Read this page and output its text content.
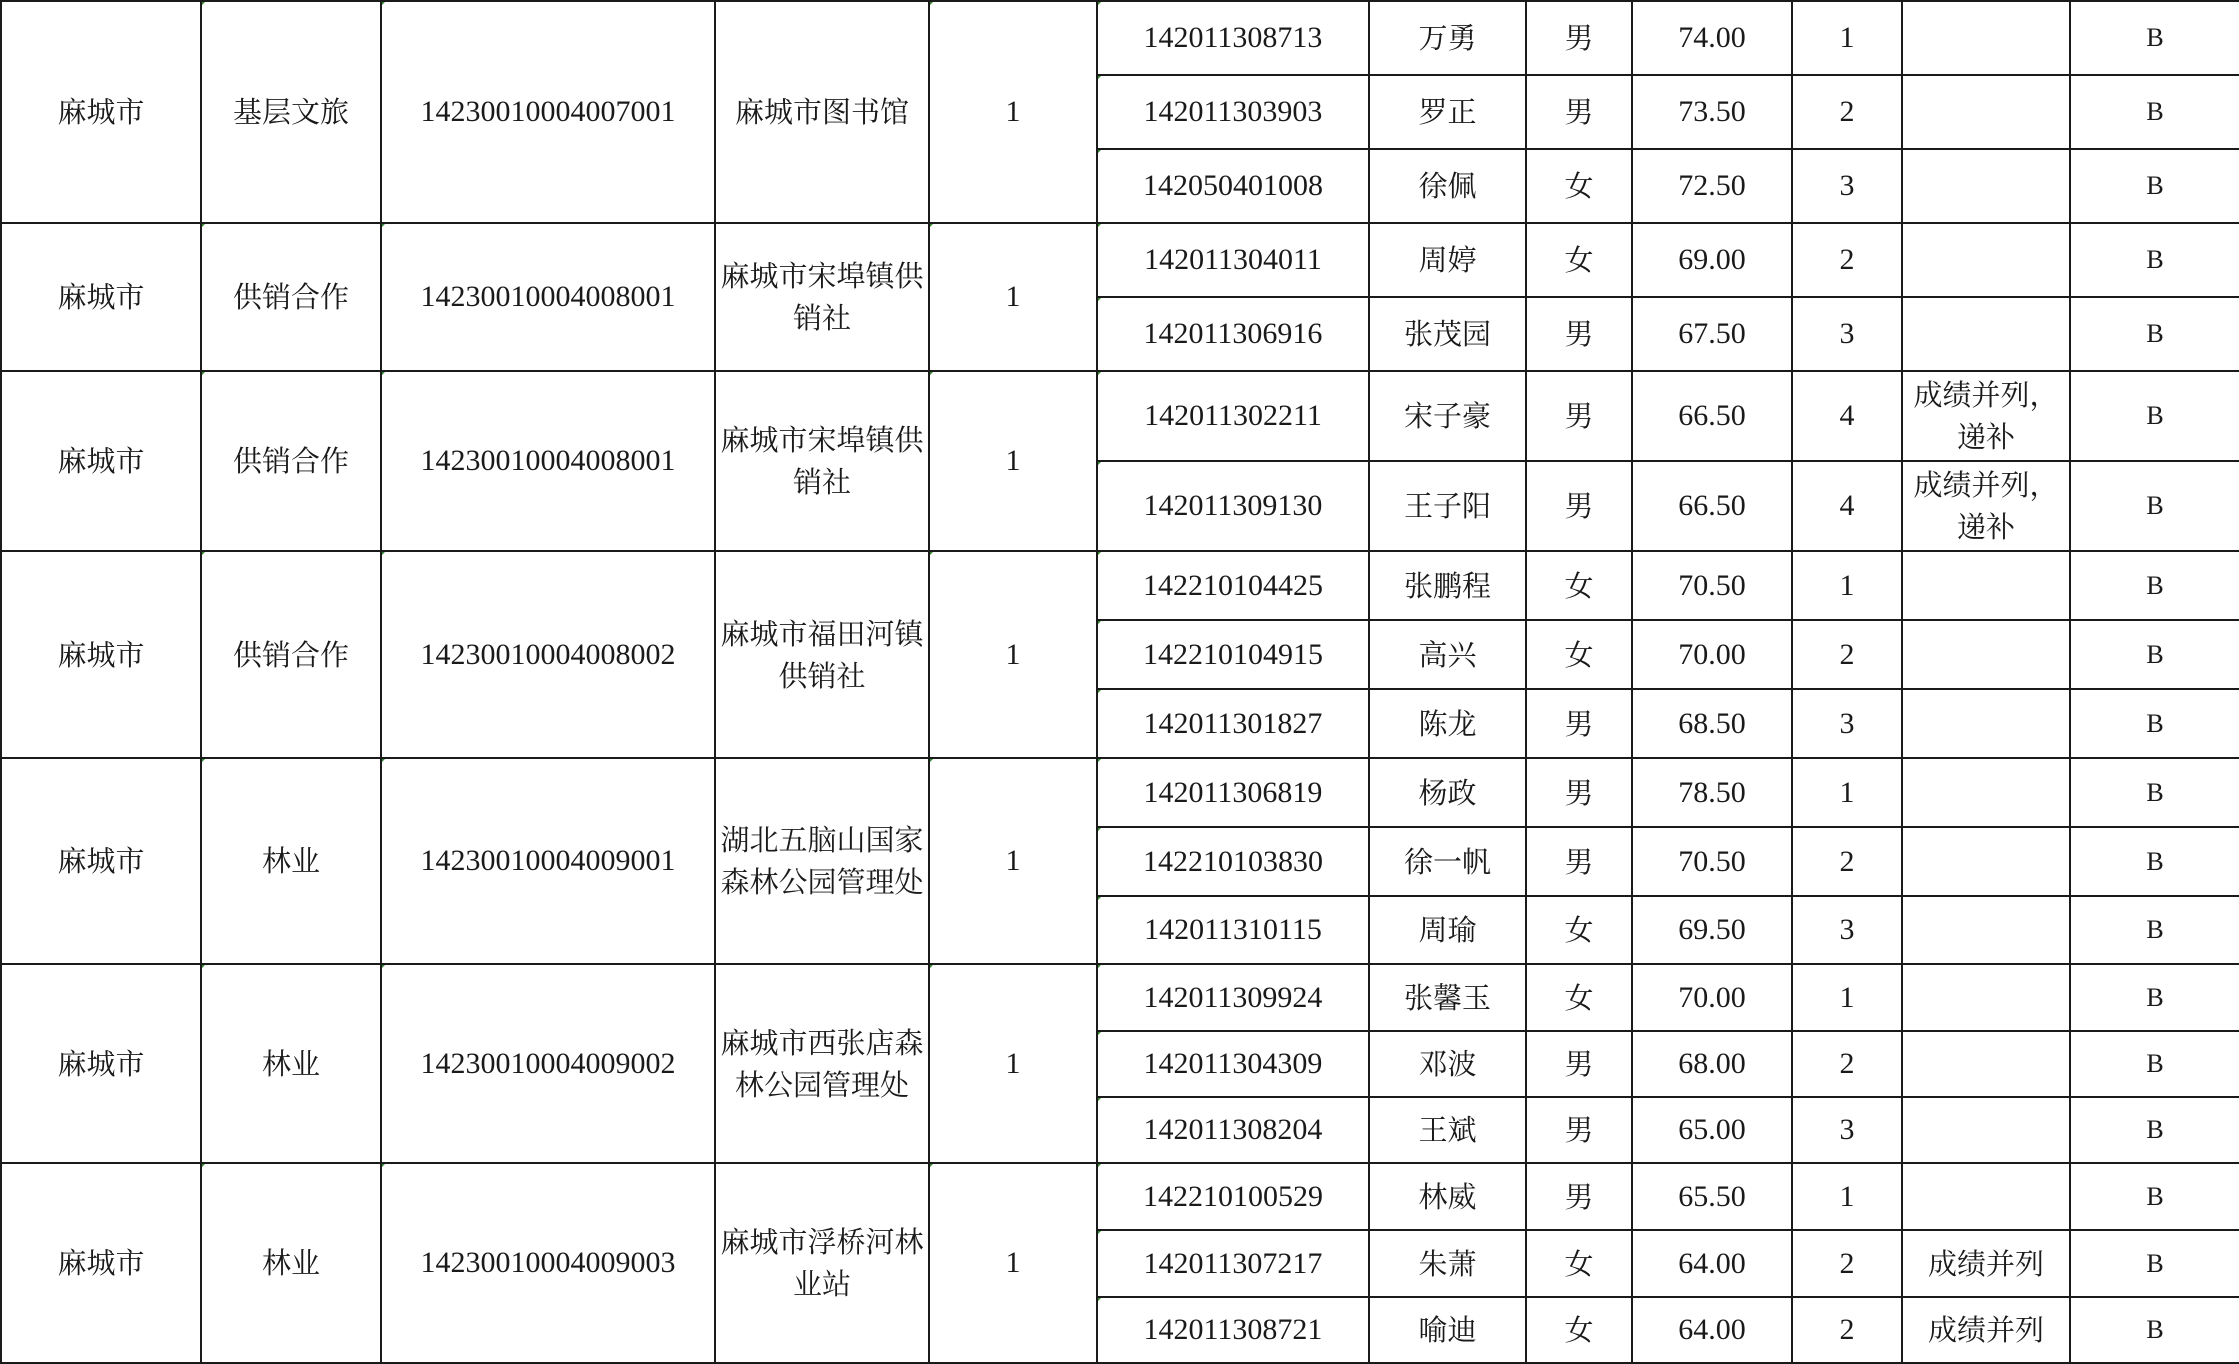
麻城市	基层文旅	14230010004007001	麻城市图书馆	1	142011308713	万勇	男	74.00	1		B
					142011303903	罗正	男	73.50	2		B
					142050401008	徐佩	女	72.50	3		B
麻城市	供销合作	14230010004008001	麻城市宋埠镇供销社	1	142011304011	周婷	女	69.00	2		B
					142011306916	张茂园	男	67.50	3		B
麻城市	供销合作	14230010004008001	麻城市宋埠镇供销社	1	142011302211	宋子豪	男	66.50	4	成绩并列，递补	B
					142011309130	王子阳	男	66.50	4	成绩并列，递补	B
麻城市	供销合作	14230010004008002	麻城市福田河镇供销社	1	142210104425	张鹏程	女	70.50	1		B
					142210104915	高兴	女	70.00	2		B
					142011301827	陈龙	男	68.50	3		B
麻城市	林业	14230010004009001	湖北五脑山国家森林公园管理处	1	142011306819	杨政	男	78.50	1		B
					142210103830	徐一帆	男	70.50	2		B
					142011310115	周瑜	女	69.50	3		B
麻城市	林业	14230010004009002	麻城市西张店森林公园管理处	1	142011309924	张馨玉	女	70.00	1		B
					142011304309	邓波	男	68.00	2		B
					142011308204	王斌	男	65.00	3		B
麻城市	林业	14230010004009003	麻城市浮桥河林业站	1	142210100529	林威	男	65.50	1		B
					142011307217	朱萧	女	64.00	2	成绩并列	B
					142011308721	喻迪	女	64.00	2	成绩并列	B
